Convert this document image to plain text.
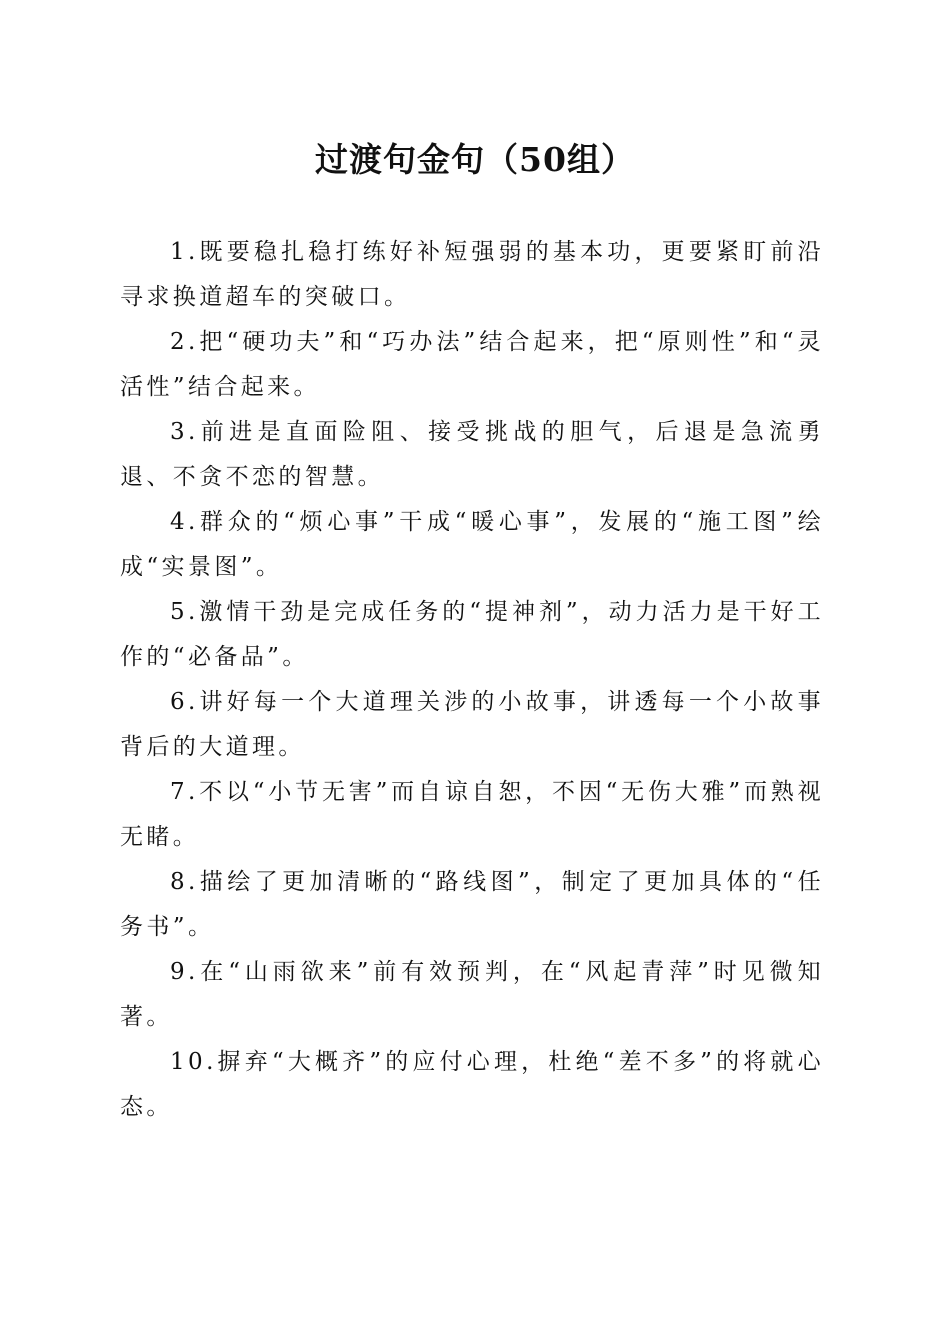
过渡句金句（50组）

1.既要稳扎稳打练好补短强弱的基本功，更要紧盯前沿寻求换道超车的突破口。

2.把“硬功夫”和“巧办法”结合起来，把“原则性”和“灵活性”结合起来。

3.前进是直面险阻、接受挑战的胆气，后退是急流勇退、不贪不恋的智慧。

4.群众的“烦心事”干成“暖心事”，发展的“施工图”绘成“实景图”。

5.激情干劲是完成任务的“提神剂”，动力活力是干好工作的“必备品”。

6.讲好每一个大道理关涉的小故事，讲透每一个小故事背后的大道理。

7.不以“小节无害”而自谅自恕，不因“无伤大雅”而熟视无睹。

8.描绘了更加清晰的“路线图”，制定了更加具体的“任务书”。

9.在“山雨欲来”前有效预判，在“风起青萍”时见微知著。

10.摒弃“大概齐”的应付心理，杜绝“差不多”的将就心态。
